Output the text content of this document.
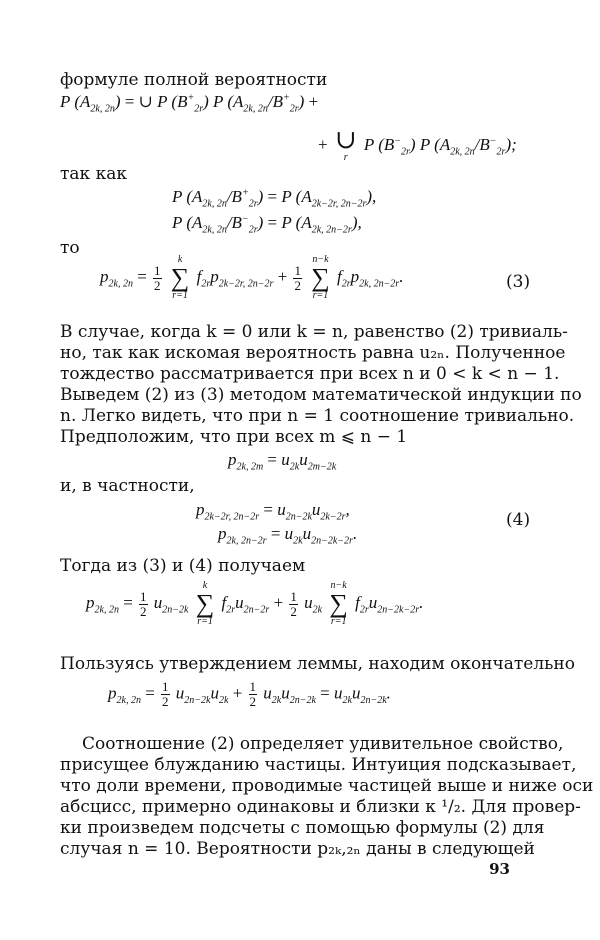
формуле полной вероятности
P $(A_{2k, 2n})$ = ∪ P $(B^+_{2r})$ P $(A_{2k, 2n}/B^+_{2r})$ +
+ ∪
r
P $(B^-_{2r})$ P $(A_{2k, 2n}/B^-_{2r})$;
так как
P $(A_{2k, 2n}/B^+_{2r}) = P$ $(A_{2k-2r, 2n-2r})$,
P $(A_{2k, 2n}/B^-_{2r}) = P$ $(A_{2k, 2n-2r})$,
то
$p_{2k, 2n} = \frac{1}{2}$

k
∑
r=1
$f_{2r}p_{2k-2r, 2n-2r} + \frac{1}{2}$

n−k
∑
r=1
$f_{2r}p_{2k, 2n-2r}$.	(3)
В случае, когда k = 0 или k = n, равенство (2) тривиаль-
но, так как искомая вероятность равна u₂ₙ. Полученное
тождество рассматривается при всех n и 0 < k < n − 1.
Выведем (2) из (3) методом математической индукции по
n. Легко видеть, что при n = 1 соотношение тривиально.
Предположим, что при всех m ⩽ n − 1
$p_{2k, 2m} = u_{2k}u_{2m-2k}$
и, в частности,
$p_{2k-2r, 2n-2r} = u_{2n-2k}u_{2k-2r}$,
$p_{2k, 2n-2r} = u_{2k}u_{2n-2k-2r}$.
(4)
Тогда из (3) и (4) получаем
$p_{2k, 2n} = \frac{1}{2} u_{2n-2k}$
k
∑
r=1
$f_{2r}u_{2n-2r} + \frac{1}{2} u_{2k}$
n−k
∑
r=1
$f_{2r}u_{2n-2k-2r}$.
Пользуясь утверждением леммы, находим окончательно
$p_{2k, 2n} = \frac{1}{2} u_{2n-2k}u_{2k} + \frac{1}{2} u_{2k}u_{2n-2k} = u_{2k}u_{2n-2k}$.
Соотношение (2) определяет удивительное свойство,
присущее блужданию частицы. Интуиция подсказывает,
что доли времени, проводимые частицей выше и ниже оси
абсцисс, примерно одинаковы и близки к ¹/₂. Для провер-
ки произведем подсчеты с помощью формулы (2) для
случая n = 10. Вероятности p₂ₖ,₂ₙ даны в следующей
93
